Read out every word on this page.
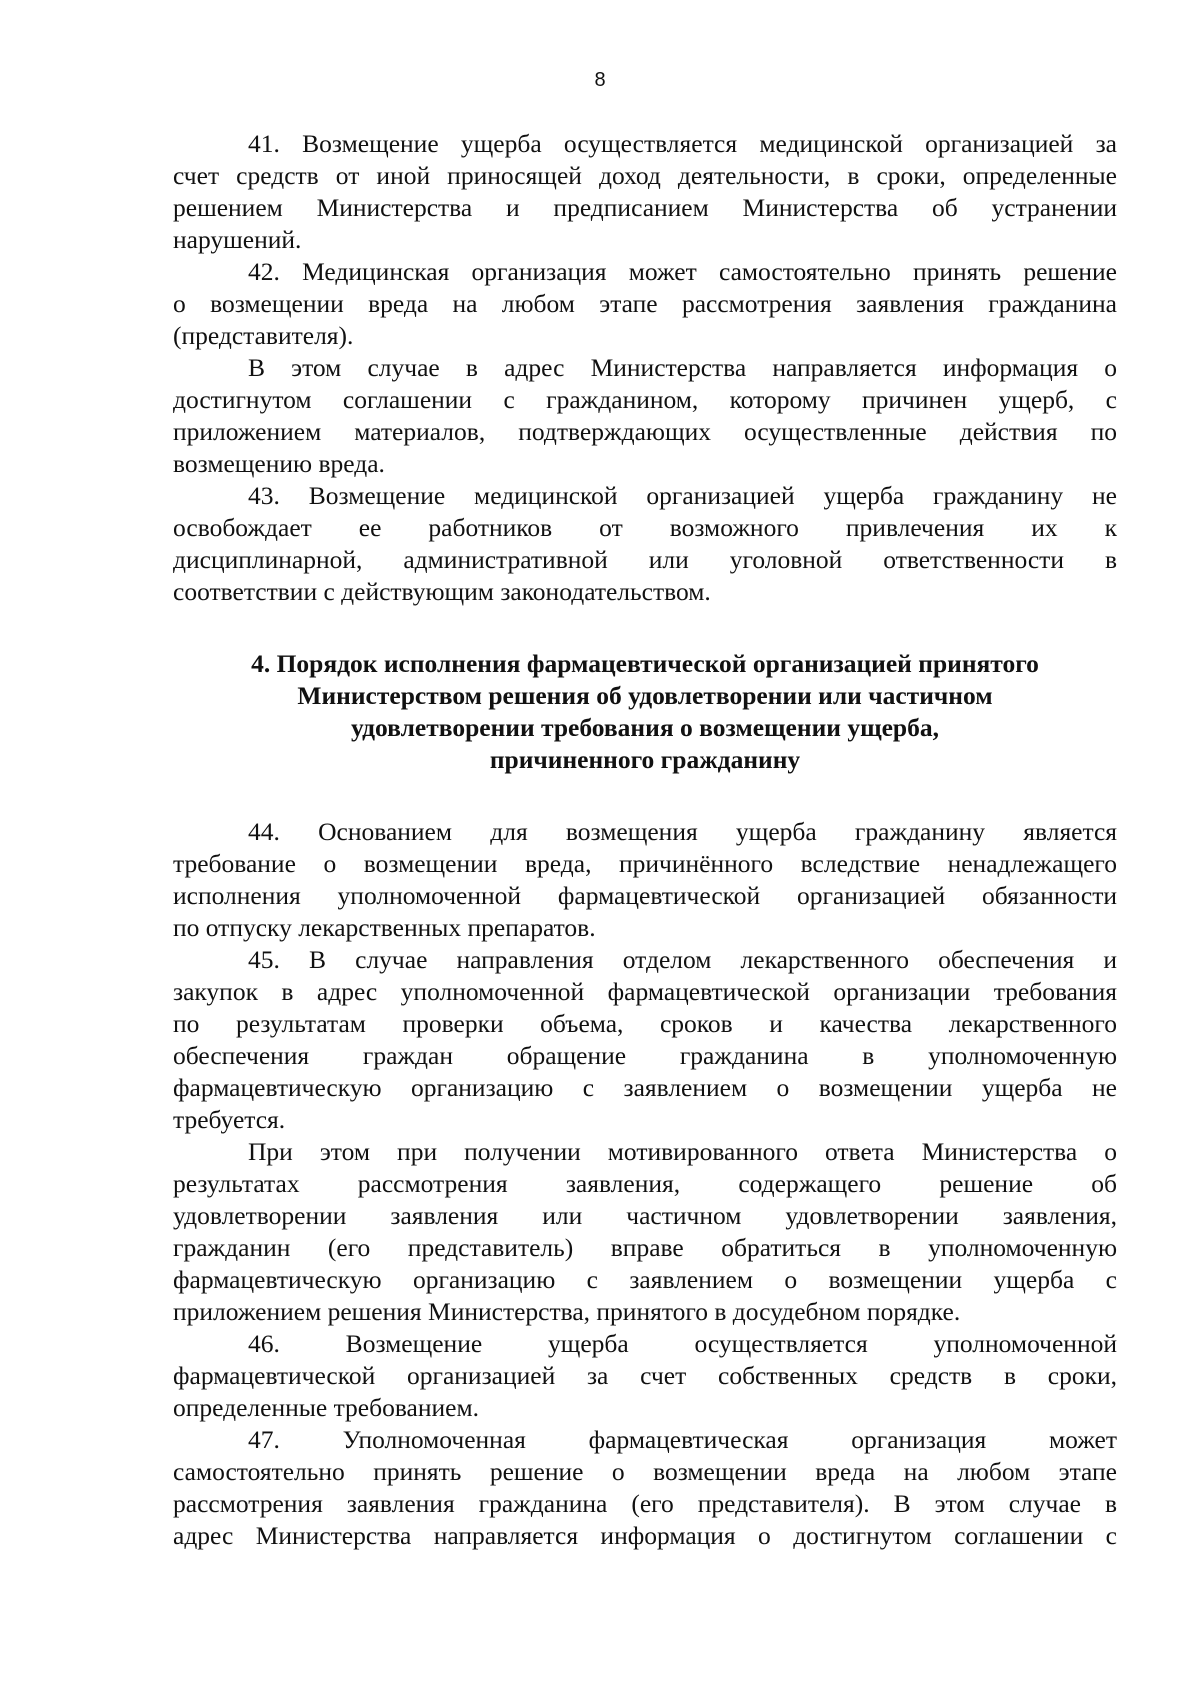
8
41. Возмещение ущерба осуществляется медицинской организацией за
счет средств от иной приносящей доход деятельности, в сроки, определенные
решением Министерства и предписанием Министерства об устранении
нарушений.
42. Медицинская организация может самостоятельно принять решение
о возмещении вреда на любом этапе рассмотрения заявления гражданина
(представителя).
В этом случае в адрес Министерства направляется информация о
достигнутом соглашении с гражданином, которому причинен ущерб, с
приложением материалов, подтверждающих осуществленные действия по
возмещению вреда.
43. Возмещение медицинской организацией ущерба гражданину не
освобождает ее работников от возможного привлечения их к
дисциплинарной, административной или уголовной ответственности в
соответствии с действующим законодательством.
4. Порядок исполнения фармацевтической организацией принятого
Министерством решения об удовлетворении или частичном
удовлетворении требования о возмещении ущерба,
причиненного гражданину
44. Основанием для возмещения ущерба гражданину является
требование о возмещении вреда, причинённого вследствие ненадлежащего
исполнения уполномоченной фармацевтической организацией обязанности
по отпуску лекарственных препаратов.
45. В случае направления отделом лекарственного обеспечения и
закупок в адрес уполномоченной фармацевтической организации требования
по результатам проверки объема, сроков и качества лекарственного
обеспечения граждан обращение гражданина в уполномоченную
фармацевтическую организацию с заявлением о возмещении ущерба не
требуется.
При этом при получении мотивированного ответа Министерства о
результатах рассмотрения заявления, содержащего решение об
удовлетворении заявления или частичном удовлетворении заявления,
гражданин (его представитель) вправе обратиться в уполномоченную
фармацевтическую организацию с заявлением о возмещении ущерба с
приложением решения Министерства, принятого в досудебном порядке.
46. Возмещение ущерба осуществляется уполномоченной
фармацевтической организацией за счет собственных средств в сроки,
определенные требованием.
47. Уполномоченная фармацевтическая организация может
самостоятельно принять решение о возмещении вреда на любом этапе
рассмотрения заявления гражданина (его представителя). В этом случае в
адрес Министерства направляется информация о достигнутом соглашении с
